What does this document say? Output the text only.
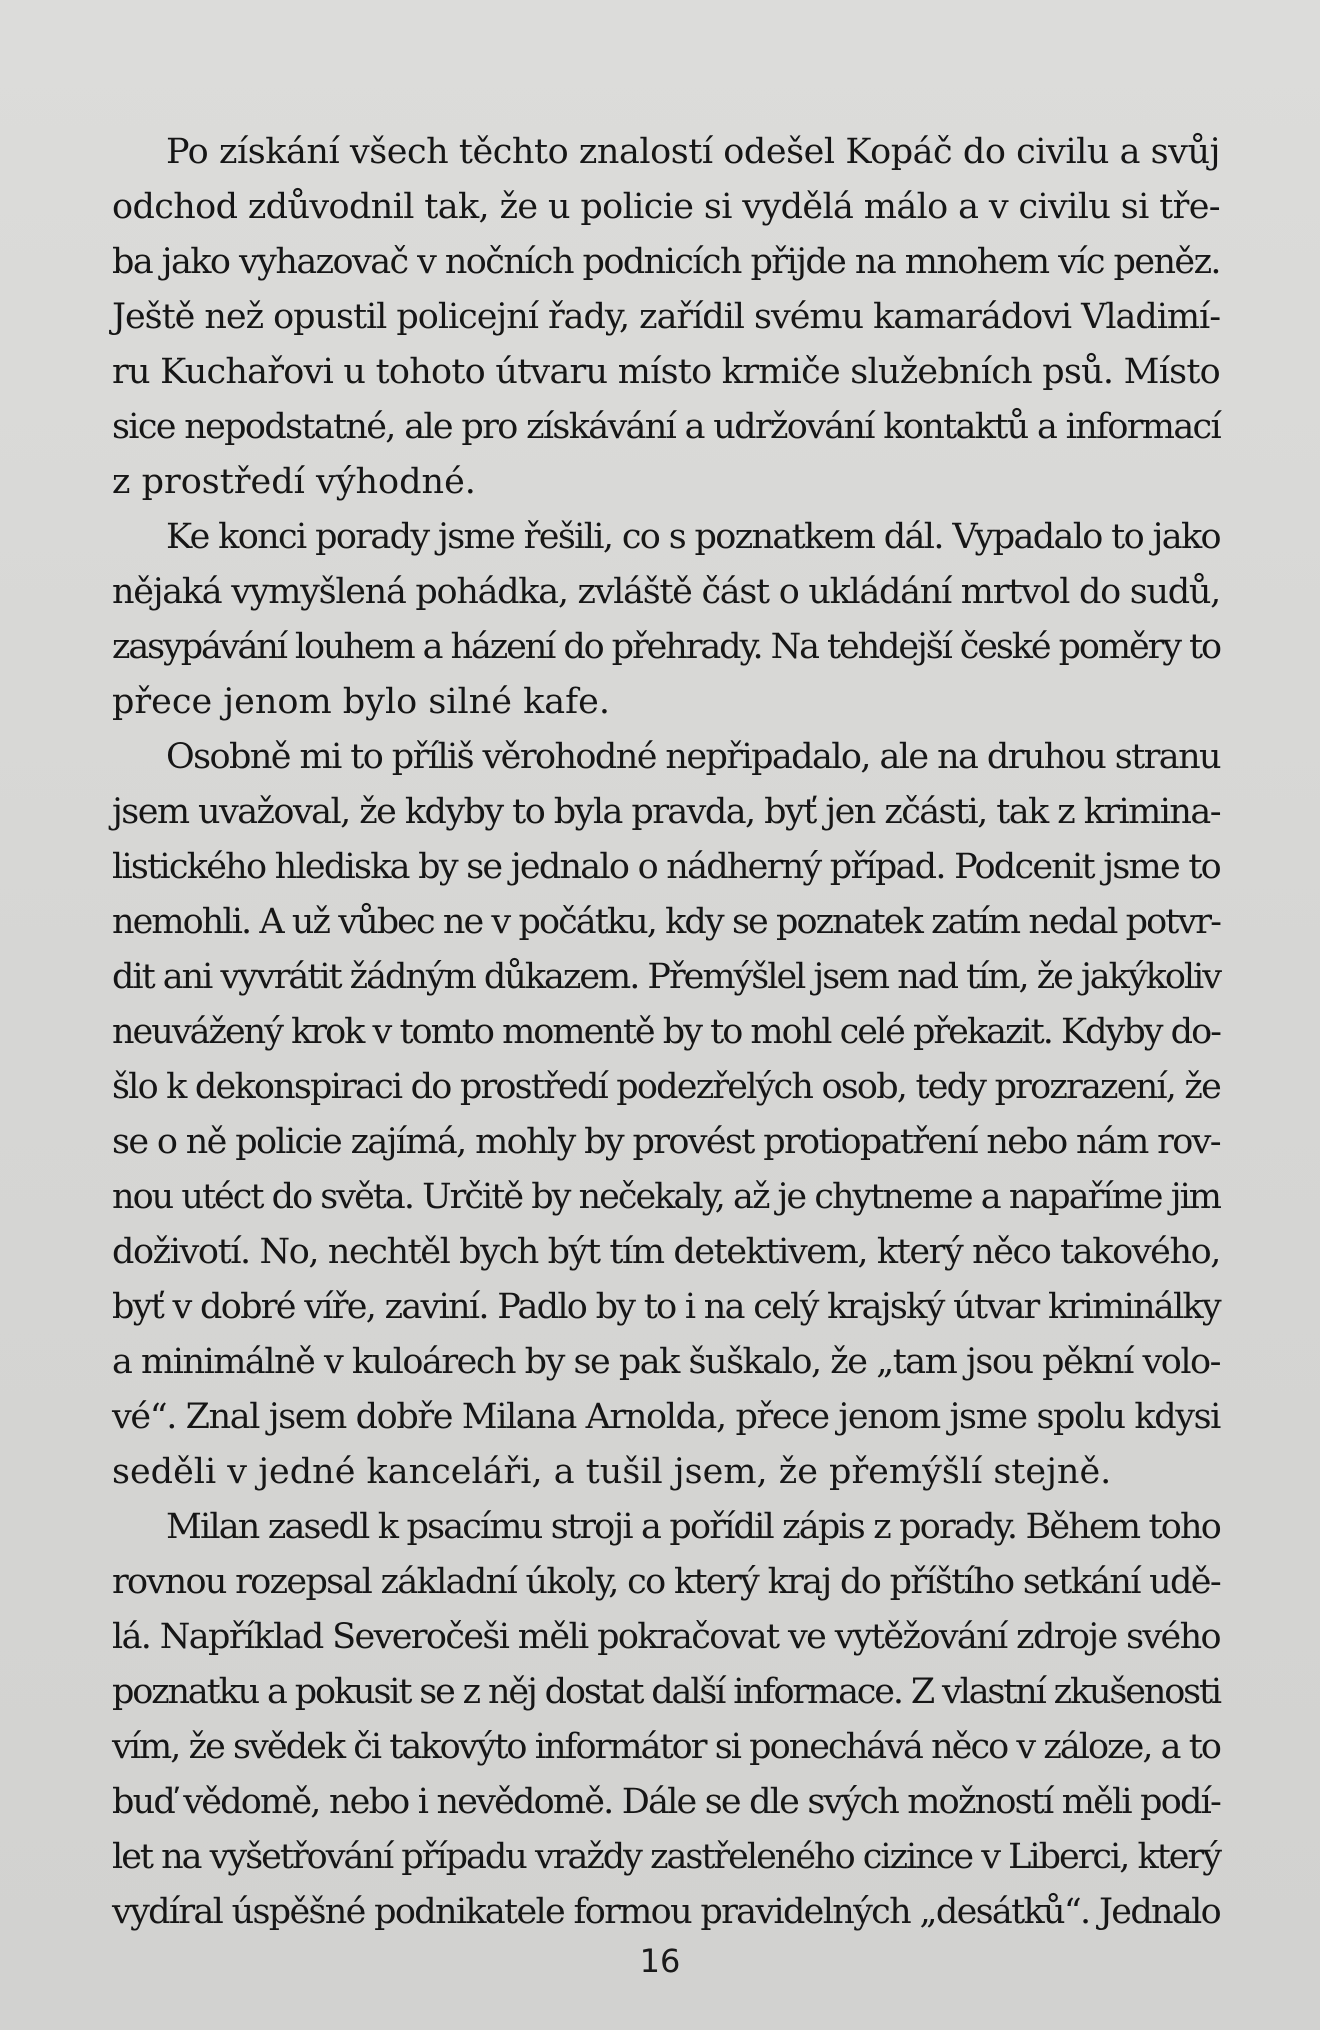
Po získání všech těchto znalostí odešel Kopáč do civilu a svůj
odchod zdůvodnil tak, že u policie si vydělá málo a v civilu si tře-
ba jako vyhazovač v nočních podnicích přijde na mnohem víc peněz.
Ještě než opustil policejní řady, zařídil svému kamarádovi Vladimí-
ru Kuchařovi u tohoto útvaru místo krmiče služebních psů. Místo
sice nepodstatné, ale pro získávání a udržování kontaktů a informací
z prostředí výhodné.
Ke konci porady jsme řešili, co s poznatkem dál. Vypadalo to jako
nějaká vymyšlená pohádka, zvláště část o ukládání mrtvol do sudů,
zasypávání louhem a házení do přehrady. Na tehdejší české poměry to
přece jenom bylo silné kafe.
Osobně mi to příliš věrohodné nepřipadalo, ale na druhou stranu
jsem uvažoval, že kdyby to byla pravda, byť jen zčásti, tak z krimina-
listického hlediska by se jednalo o nádherný případ. Podcenit jsme to
nemohli. A už vůbec ne v počátku, kdy se poznatek zatím nedal potvr-
dit ani vyvrátit žádným důkazem. Přemýšlel jsem nad tím, že jakýkoliv
neuvážený krok v tomto momentě by to mohl celé překazit. Kdyby do-
šlo k dekonspiraci do prostředí podezřelých osob, tedy prozrazení, že
se o ně policie zajímá, mohly by provést protiopatření nebo nám rov-
nou utéct do světa. Určitě by nečekaly, až je chytneme a napaříme jim
doživotí. No, nechtěl bych být tím detektivem, který něco takového,
byť v dobré víře, zaviní. Padlo by to i na celý krajský útvar kriminálky
a minimálně v kuloárech by se pak šuškalo, že „tam jsou pěkní volo-
vé“. Znal jsem dobře Milana Arnolda, přece jenom jsme spolu kdysi
seděli v jedné kanceláři, a tušil jsem, že přemýšlí stejně.
Milan zasedl k psacímu stroji a pořídil zápis z porady. Během toho
rovnou rozepsal základní úkoly, co který kraj do příštího setkání udě-
lá. Například Severočeši měli pokračovat ve vytěžování zdroje svého
poznatku a pokusit se z něj dostat další informace. Z vlastní zkušenosti
vím, že svědek či takovýto informátor si ponechává něco v záloze, a to
buď vědomě, nebo i nevědomě. Dále se dle svých možností měli podí-
let na vyšetřování případu vraždy zastřeleného cizince v Liberci, který
vydíral úspěšné podnikatele formou pravidelných „desátků“. Jednalo
16
